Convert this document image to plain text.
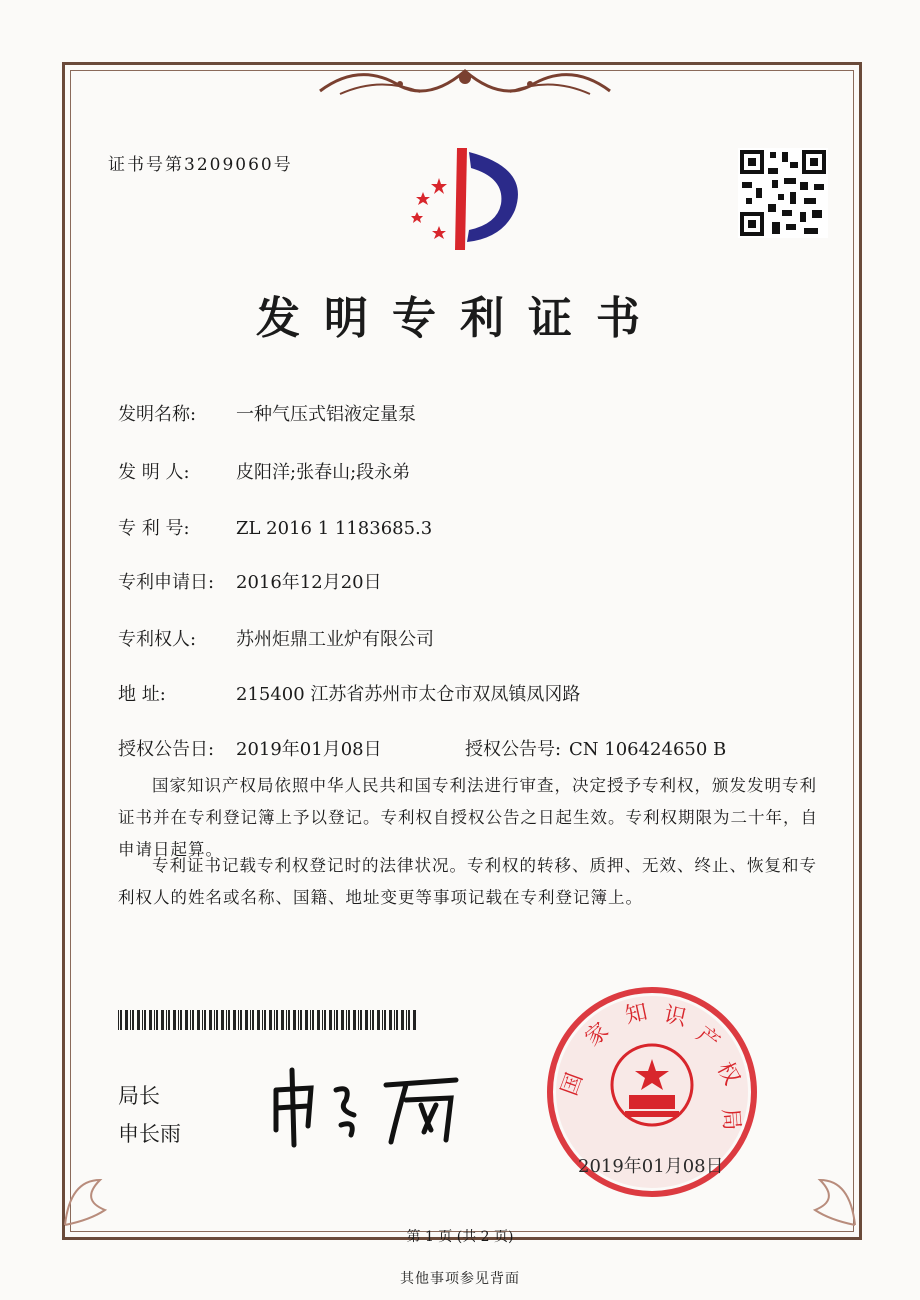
证书号第3209060号
发明专利证书
发明名称: 一种气压式铝液定量泵
发 明 人:	皮阳洋;张春山;段永弟
专 利 号:	ZL 2016 1 1183685.3
专利申请日: 2016年12月20日
专利权人: 苏州炬鼎工业炉有限公司
地 址:	215400 江苏省苏州市太仓市双凤镇凤冈路
授权公告日: 2019年01月08日	授权公告号: CN 106424650 B
国家知识产权局依照中华人民共和国专利法进行审查，决定授予专利权，颁发发明专利证书并在专利登记簿上予以登记。专利权自授权公告之日起生效。专利权期限为二十年，自申请日起算。
专利证书记载专利权登记时的法律状况。专利权的转移、质押、无效、终止、恢复和专利权人的姓名或名称、国籍、地址变更等事项记载在专利登记簿上。
局长
申长雨
国
家
知 识
产
权
局
2019年01月08日
第 1 页 (共 2 页)
其他事项参见背面
